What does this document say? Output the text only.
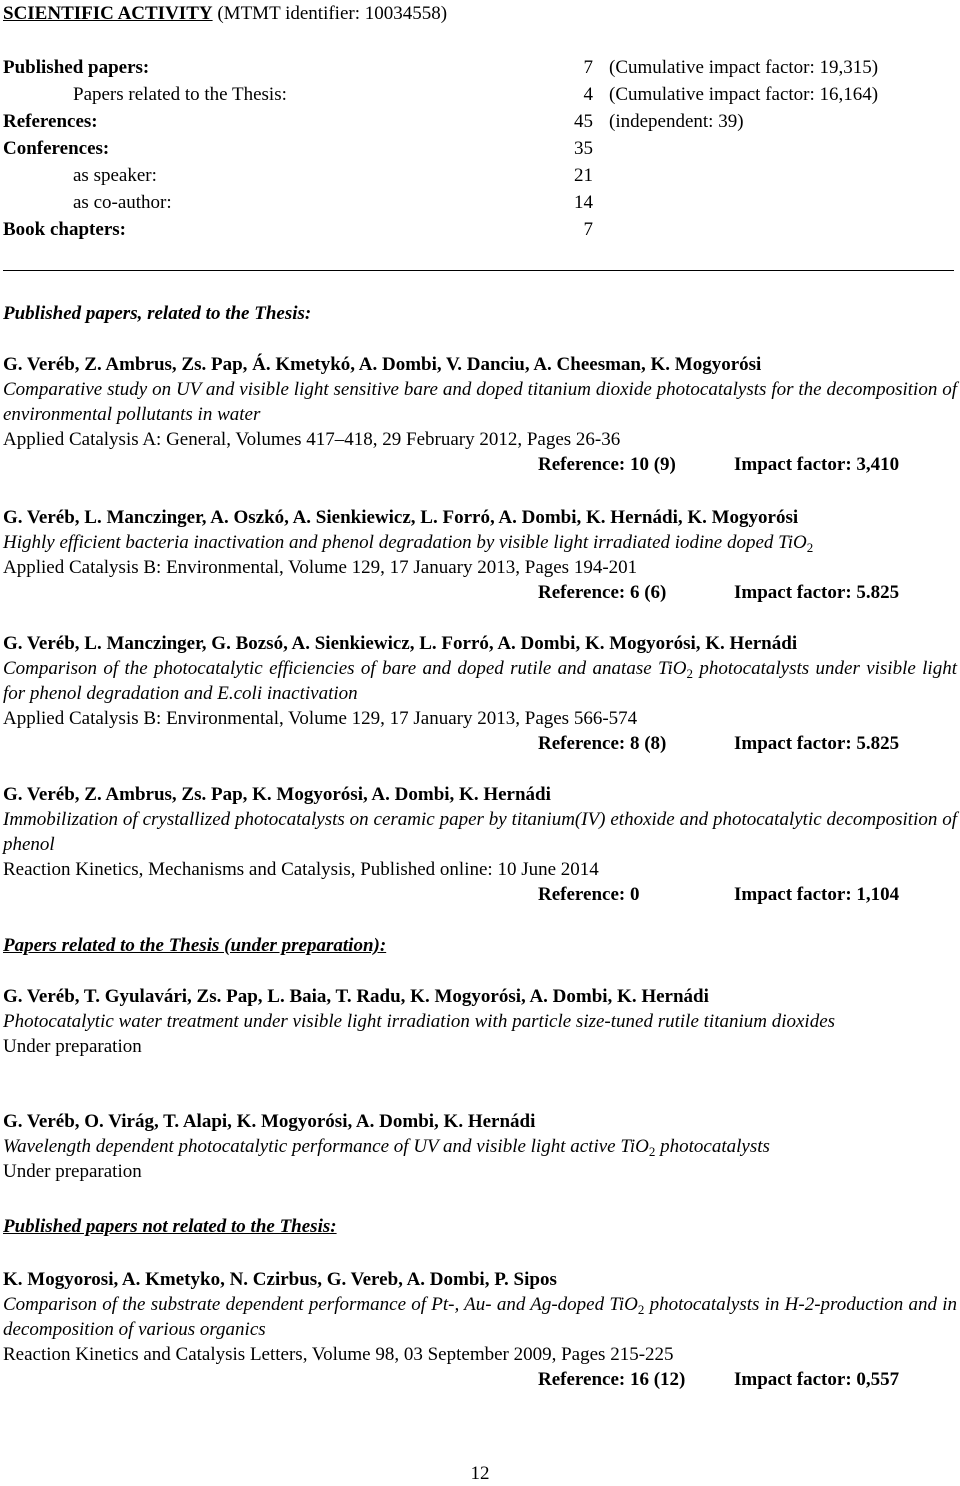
SCIENTIFIC ACTIVITY (MTMT identifier: 10034558)
Published papers:	7 (Cumulative impact factor: 19,315)
Papers related to the Thesis:	4 (Cumulative impact factor: 16,164)
References:	45 (independent: 39)
Conferences:	35
as speaker:	21
as co-author:	14
Book chapters:	7
Published papers, related to the Thesis:
G. Veréb, Z. Ambrus, Zs. Pap, Á. Kmetykó, A. Dombi, V. Danciu, A. Cheesman, K. Mogyorósi
Comparative study on UV and visible light sensitive bare and doped titanium dioxide photocatalysts for the decomposition of environmental pollutants in water
Applied Catalysis A: General, Volumes 417–418, 29 February 2012, Pages 26-36
Reference: 10 (9)	Impact factor: 3,410
G. Veréb, L. Manczinger, A. Oszkó, A. Sienkiewicz, L. Forró, A. Dombi, K. Hernádi, K. Mogyorósi
Highly efficient bacteria inactivation and phenol degradation by visible light irradiated iodine doped TiO$_2$
Applied Catalysis B: Environmental, Volume 129, 17 January 2013, Pages 194-201
Reference: 6 (6)	Impact factor: 5.825
G. Veréb, L. Manczinger, G. Bozsó, A. Sienkiewicz, L. Forró, A. Dombi, K. Mogyorósi, K. Hernádi
Comparison of the photocatalytic efficiencies of bare and doped rutile and anatase TiO$_2$ photocatalysts under visible light for phenol degradation and E.coli inactivation
Applied Catalysis B: Environmental, Volume 129, 17 January 2013, Pages 566-574
Reference: 8 (8)	Impact factor: 5.825
G. Veréb, Z. Ambrus, Zs. Pap, K. Mogyorósi, A. Dombi, K. Hernádi
Immobilization of crystallized photocatalysts on ceramic paper by titanium(IV) ethoxide and photocatalytic decomposition of phenol
Reaction Kinetics, Mechanisms and Catalysis, Published online: 10 June 2014
Reference: 0	Impact factor: 1,104
Papers related to the Thesis (under preparation):
G. Veréb, T. Gyulavári, Zs. Pap, L. Baia, T. Radu, K. Mogyorósi, A. Dombi, K. Hernádi
Photocatalytic water treatment under visible light irradiation with particle size-tuned rutile titanium dioxides
Under preparation
G. Veréb, O. Virág, T. Alapi, K. Mogyorósi, A. Dombi, K. Hernádi
Wavelength dependent photocatalytic performance of UV and visible light active TiO$_2$ photocatalysts
Under preparation
Published papers not related to the Thesis:
K. Mogyorosi, A. Kmetyko, N. Czirbus, G. Vereb, A. Dombi, P. Sipos
Comparison of the substrate dependent performance of Pt-, Au- and Ag-doped TiO$_2$ photocatalysts in H-2-production and in decomposition of various organics
Reaction Kinetics and Catalysis Letters, Volume 98, 03 September 2009, Pages 215-225
Reference: 16 (12)	Impact factor: 0,557
12
